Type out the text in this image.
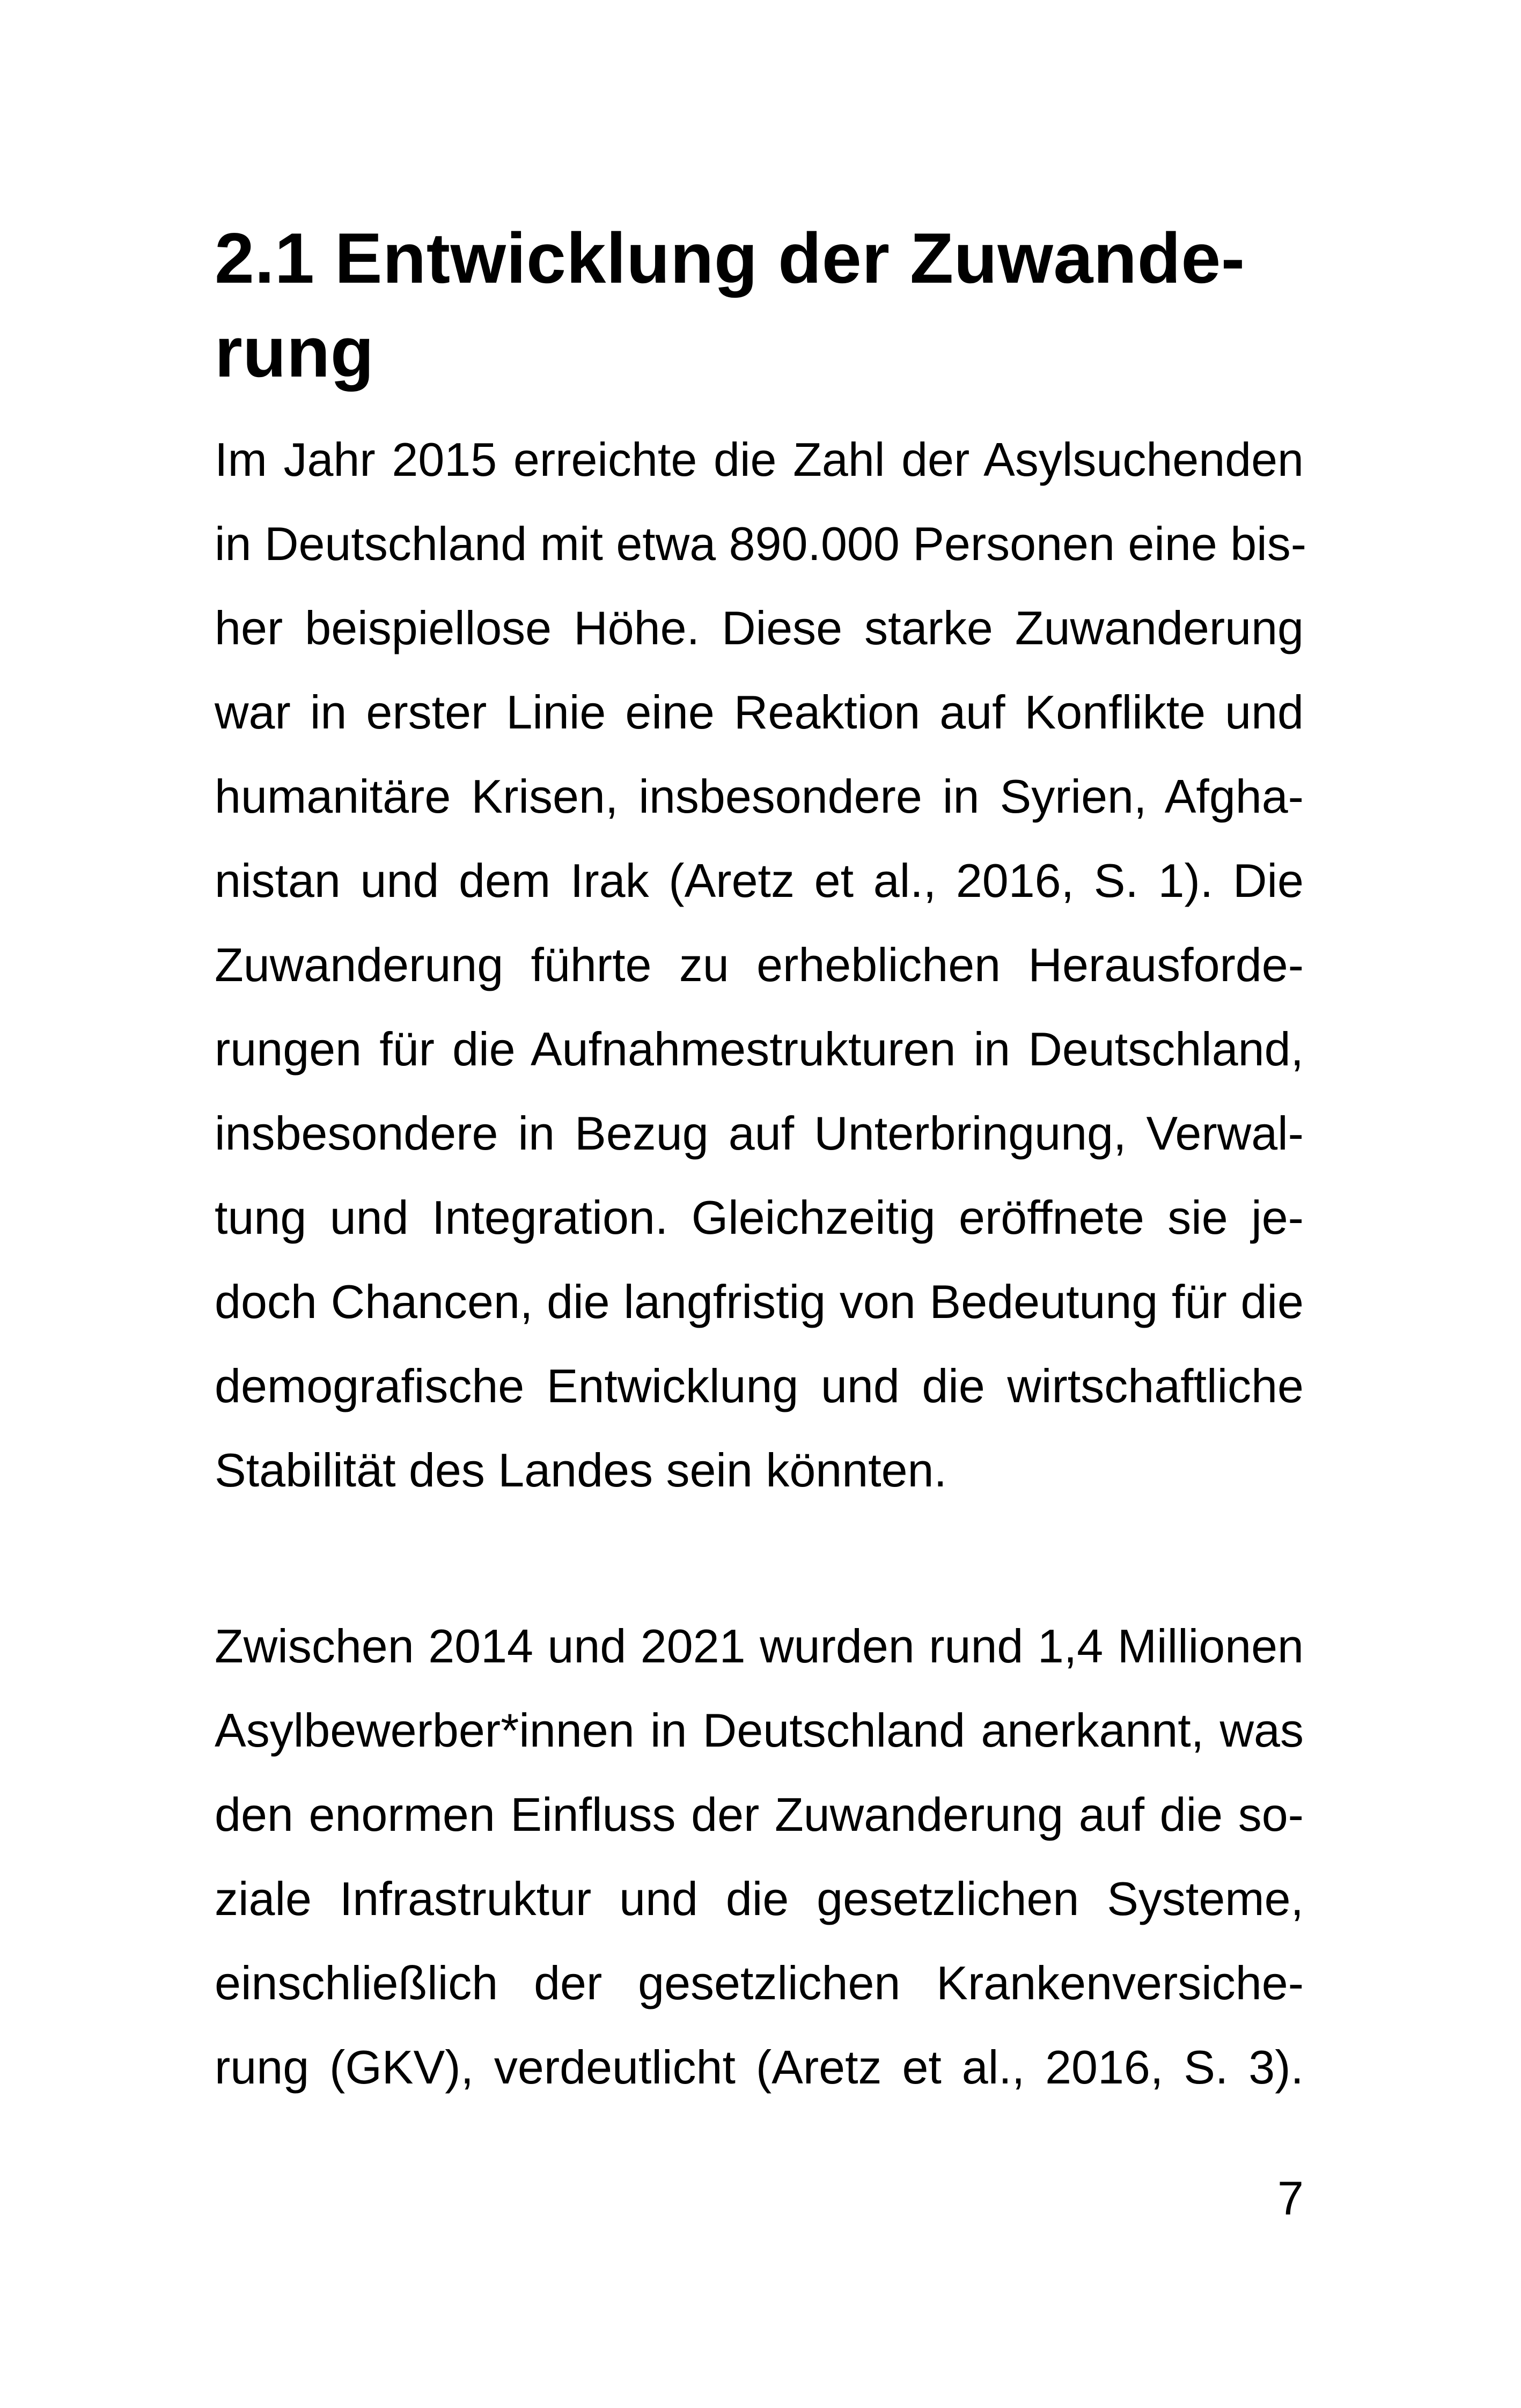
2.1 Entwicklung der Zuwande-
rung
Im Jahr 2015 erreichte die Zahl der Asylsuchenden
in Deutschland mit etwa 890.000 Personen eine bis-
her beispiellose Höhe. Diese starke Zuwanderung
war in erster Linie eine Reaktion auf Konflikte und
humanitäre Krisen, insbesondere in Syrien, Afgha-
nistan und dem Irak (Aretz et al., 2016, S. 1). Die
Zuwanderung führte zu erheblichen Herausforde-
rungen für die Aufnahmestrukturen in Deutschland,
insbesondere in Bezug auf Unterbringung, Verwal-
tung und Integration. Gleichzeitig eröffnete sie je-
doch Chancen, die langfristig von Bedeutung für die
demografische Entwicklung und die wirtschaftliche
Stabilität des Landes sein könnten.
Zwischen 2014 und 2021 wurden rund 1,4 Millionen
Asylbewerber*innen in Deutschland anerkannt, was
den enormen Einfluss der Zuwanderung auf die so-
ziale Infrastruktur und die gesetzlichen Systeme,
einschließlich der gesetzlichen Krankenversiche-
rung (GKV), verdeutlicht (Aretz et al., 2016, S. 3).
7
